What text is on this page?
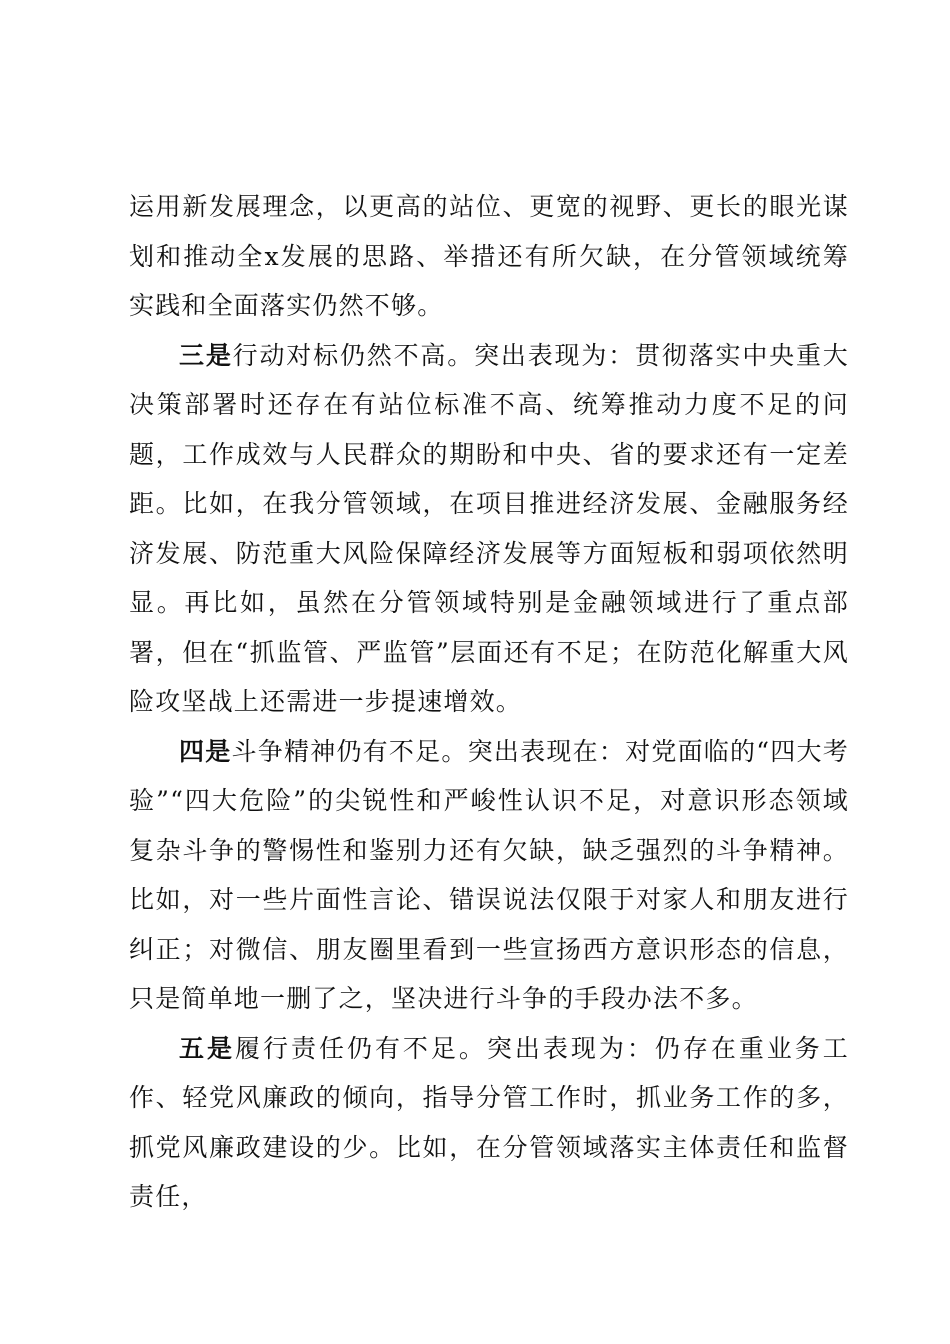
运用新发展理念，以更高的站位、更宽的视野、更长的眼光谋划和推动全x发展的思路、举措还有所欠缺，在分管领域统筹实践和全面落实仍然不够。

三是行动对标仍然不高。突出表现为：贯彻落实中央重大决策部署时还存在有站位标准不高、统筹推动力度不足的问题，工作成效与人民群众的期盼和中央、省的要求还有一定差距。比如，在我分管领域，在项目推进经济发展、金融服务经济发展、防范重大风险保障经济发展等方面短板和弱项依然明显。再比如，虽然在分管领域特别是金融领域进行了重点部署，但在“抓监管、严监管”层面还有不足；在防范化解重大风险攻坚战上还需进一步提速增效。

四是斗争精神仍有不足。突出表现在：对党面临的“四大考验”“四大危险”的尖锐性和严峻性认识不足，对意识形态领域复杂斗争的警惕性和鉴别力还有欠缺，缺乏强烈的斗争精神。比如，对一些片面性言论、错误说法仅限于对家人和朋友进行纠正；对微信、朋友圈里看到一些宣扬西方意识形态的信息，只是简单地一删了之，坚决进行斗争的手段办法不多。

五是履行责任仍有不足。突出表现为：仍存在重业务工作、轻党风廉政的倾向，指导分管工作时，抓业务工作的多，抓党风廉政建设的少。比如，在分管领域落实主体责任和监督责任，
